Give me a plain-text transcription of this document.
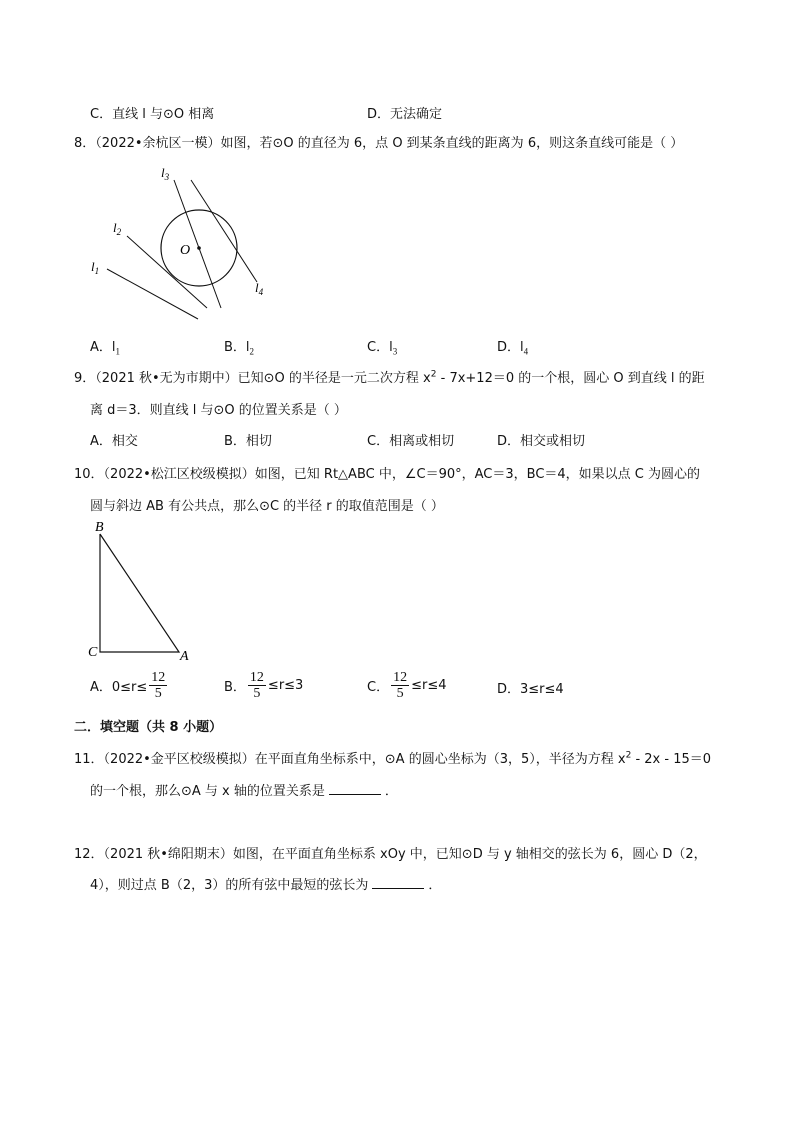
C．直线 l 与⊙O 相离	D．无法确定
8．（2022•余杭区一模）如图，若⊙O 的直径为 6，点 O 到某条直线的距离为 6，则这条直线可能是（ ）
O
$l_1$
$l_2$
$l_3$
$l_4$
A．$l_1$	B．$l_2$	C．$l_3$	D．$l_4$
9．（2021 秋•无为市期中）已知⊙O 的半径是一元二次方程 $x^2 - 7x+12=0$ 的一个根，圆心 O 到直线 l 的距
离 d＝3．则直线 l 与⊙O 的位置关系是（ ）
A．相交	B．相切	C．相离或相切	D．相交或相切
10．（2022•松江区校级模拟）如图，已知 Rt△ABC 中，∠C＝90°，AC＝3，BC＝4，如果以点 C 为圆心的
圆与斜边 AB 有公共点，那么⊙C 的半径 r 的取值范围是（ ）
B
C	A
A．$0\le r\le \frac{12}{5}$	B． $\frac{12}{5} \le r\le 3$	C． $\frac{12}{5} \le r\le 4$	D．3≤r≤4
二．填空题（共 8 小题）
11．（2022•金平区校级模拟）在平面直角坐标系中，⊙A 的圆心坐标为（3，5），半径为方程 $x^2 - 2x - 15=0$
的一个根，那么⊙A 与 x 轴的位置关系是	．
12．（2021 秋•绵阳期末）如图，在平面直角坐标系 xOy 中，已知⊙D 与 y 轴相交的弦长为 6，圆心 D（2，
4），则过点 B（2，3）的所有弦中最短的弦长为	．
